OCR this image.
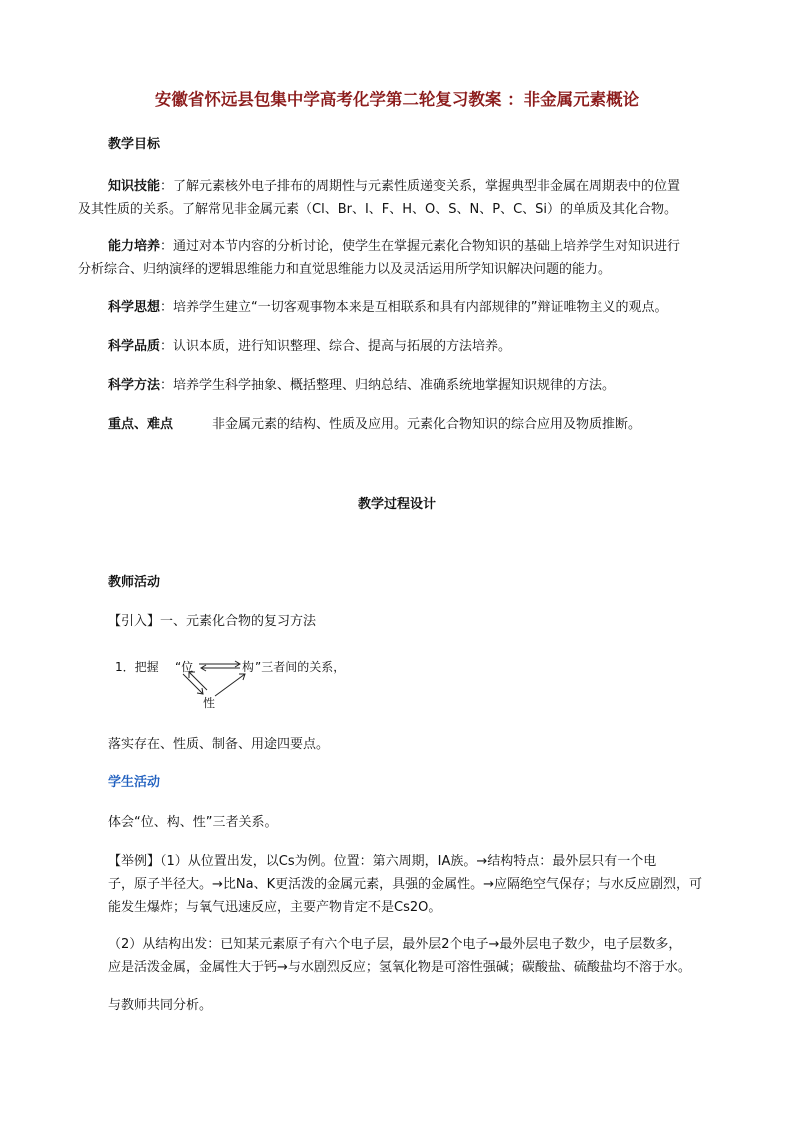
安徽省怀远县包集中学高考化学第二轮复习教案 ：非金属元素概论
教学目标
知识技能：了解元素核外电子排布的周期性与元素性质递变关系，掌握典型非金属在周期表中的位置
及其性质的关系。了解常见非金属元素（Cl、Br、I、F、H、O、S、N、P、C、Si）的单质及其化合物。
能力培养：通过对本节内容的分析讨论，使学生在掌握元素化合物知识的基础上培养学生对知识进行
分析综合、归纳演绎的逻辑思维能力和直觉思维能力以及灵活运用所学知识解决问题的能力。
科学思想：培养学生建立“一切客观事物本来是互相联系和具有内部规律的”辩证唯物主义的观点。
科学品质：认识本质，进行知识整理、综合、提高与拓展的方法培养。
科学方法：培养学生科学抽象、概括整理、归纳总结、准确系统地掌握知识规律的方法。
重点、难点	非金属元素的结构、性质及应用。元素化合物知识的综合应用及物质推断。
教学过程设计
教师活动
【引入】一、元素化合物的复习方法
1．把握 “位	构 ”三者间的关系，
性
落实存在、性质、制备、用途四要点。
学生活动
体会“位、构、性”三者关系。
【举例】（1）从位置出发，以Cs为例。位置：第六周期，IA族。→结构特点：最外层只有一个电
子，原子半径大。→比Na、K更活泼的金属元素，具强的金属性。→应隔绝空气保存；与水反应剧烈，可
能发生爆炸；与氧气迅速反应，主要产物肯定不是Cs2O。
（2）从结构出发：已知某元素原子有六个电子层，最外层2个电子→最外层电子数少，电子层数多，
应是活泼金属，金属性大于钙→与水剧烈反应；氢氧化物是可溶性强碱；碳酸盐、硫酸盐均不溶于水。
与教师共同分析。
